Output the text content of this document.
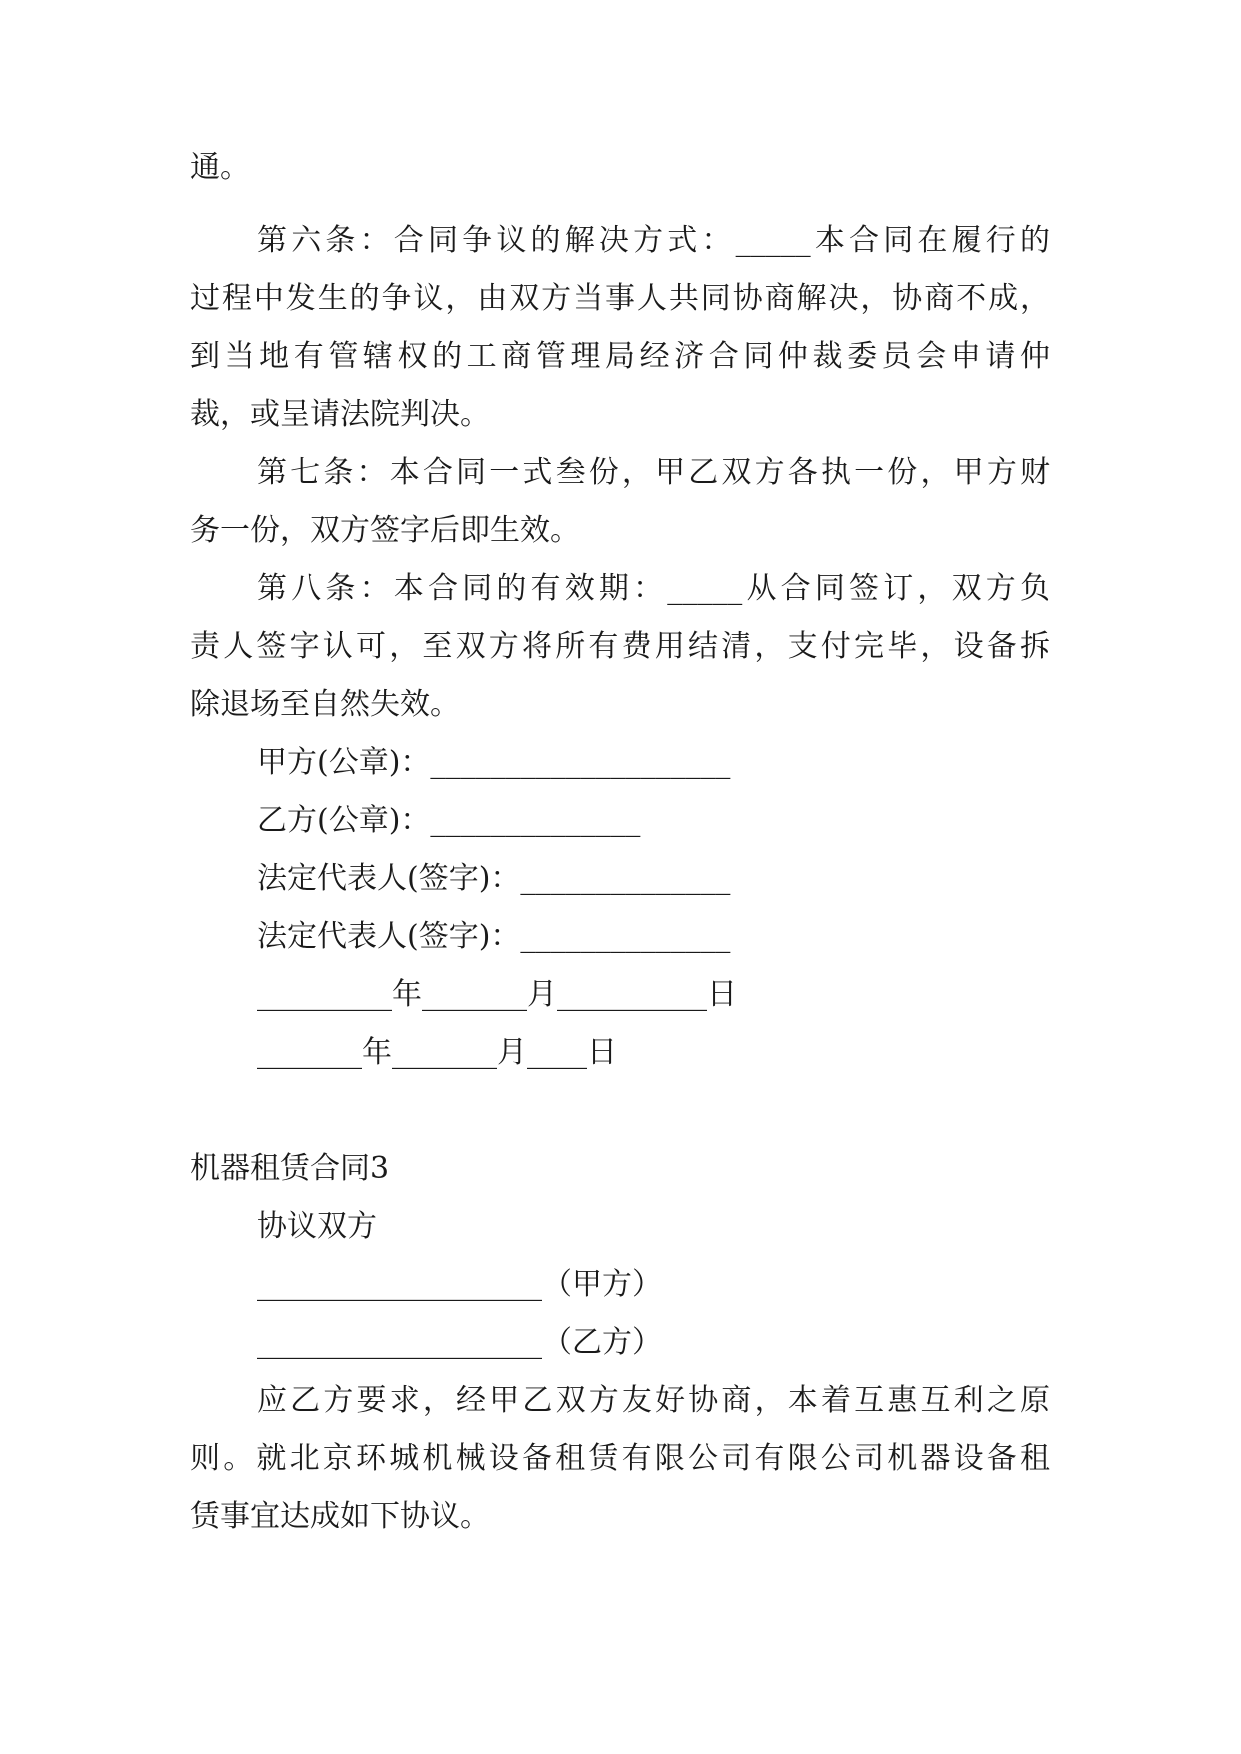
通。
第六条：合同争议的解决方式：_____本合同在履行的
过程中发生的争议，由双方当事人共同协商解决，协商不成，
到当地有管辖权的工商管理局经济合同仲裁委员会申请仲
裁，或呈请法院判决。
第七条：本合同一式叁份，甲乙双方各执一份，甲方财
务一份，双方签字后即生效。
第八条：本合同的有效期：_____从合同签订，双方负
责人签字认可，至双方将所有费用结清，支付完毕，设备拆
除退场至自然失效。
甲方(公章)：____________________
乙方(公章)：______________
法定代表人(签字)：______________
法定代表人(签字)：______________
_________年_______月__________日
_______年_______月____日
机器租赁合同3
协议双方
___________________（甲方）
___________________（乙方）
应乙方要求，经甲乙双方友好协商，本着互惠互利之原
则。就北京环城机械设备租赁有限公司有限公司机器设备租
赁事宜达成如下协议。
